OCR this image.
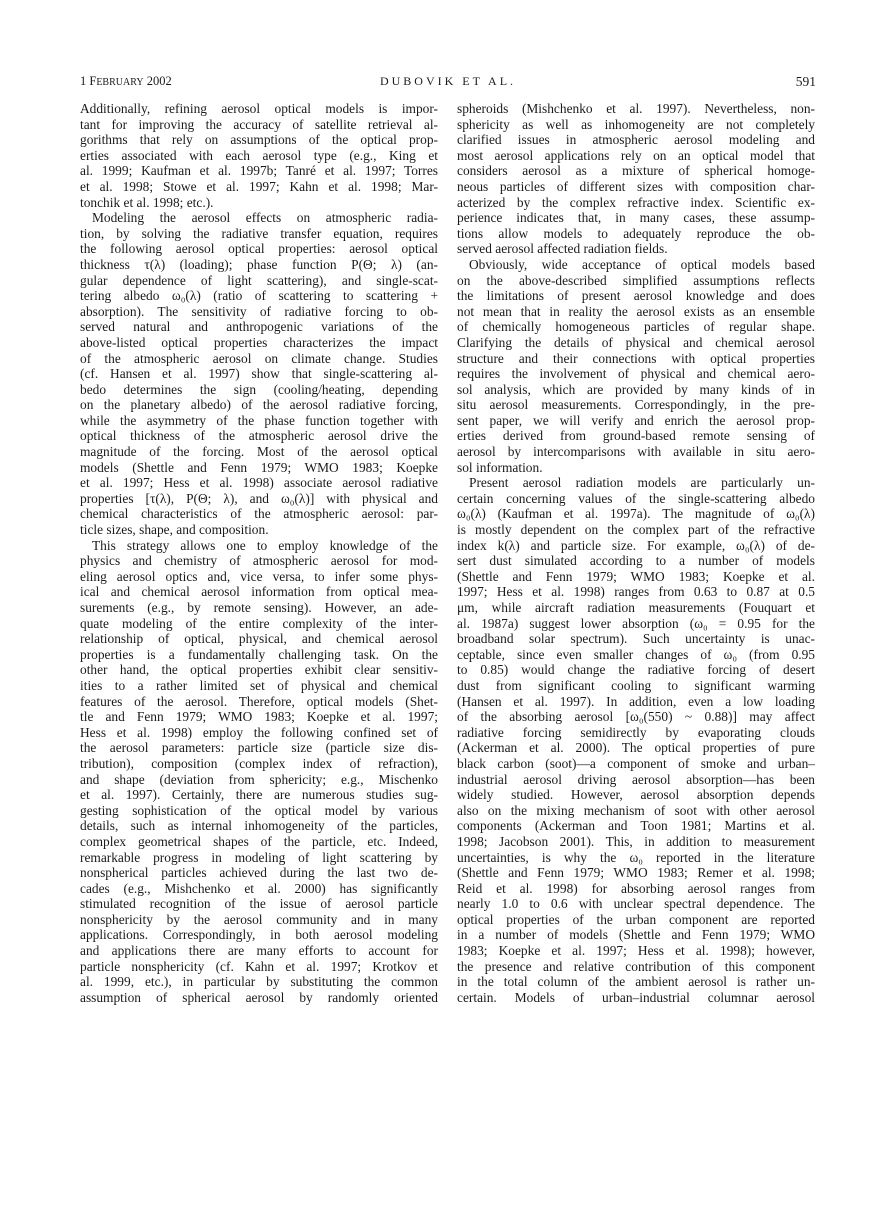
1 FEBRUARY 2002	DUBOVIK ET AL.	591
Additionally, refining aerosol optical models is impor-
tant for improving the accuracy of satellite retrieval al-
gorithms that rely on assumptions of the optical prop-
erties associated with each aerosol type (e.g., King et
al. 1999; Kaufman et al. 1997b; Tanré et al. 1997; Torres
et al. 1998; Stowe et al. 1997; Kahn et al. 1998; Mar-
tonchik et al. 1998; etc.).
Modeling the aerosol effects on atmospheric radia-
tion, by solving the radiative transfer equation, requires
the following aerosol optical properties: aerosol optical
thickness τ(λ) (loading); phase function P(Θ; λ) (an-
gular dependence of light scattering), and single-scat-
tering albedo ω₀(λ) (ratio of scattering to scattering +
absorption). The sensitivity of radiative forcing to ob-
served natural and anthropogenic variations of the
above-listed optical properties characterizes the impact
of the atmospheric aerosol on climate change. Studies
(cf. Hansen et al. 1997) show that single-scattering al-
bedo determines the sign (cooling/heating, depending
on the planetary albedo) of the aerosol radiative forcing,
while the asymmetry of the phase function together with
optical thickness of the atmospheric aerosol drive the
magnitude of the forcing. Most of the aerosol optical
models (Shettle and Fenn 1979; WMO 1983; Koepke
et al. 1997; Hess et al. 1998) associate aerosol radiative
properties [τ(λ), P(Θ; λ), and ω₀(λ)] with physical and
chemical characteristics of the atmospheric aerosol: par-
ticle sizes, shape, and composition.
This strategy allows one to employ knowledge of the
physics and chemistry of atmospheric aerosol for mod-
eling aerosol optics and, vice versa, to infer some phys-
ical and chemical aerosol information from optical mea-
surements (e.g., by remote sensing). However, an ade-
quate modeling of the entire complexity of the inter-
relationship of optical, physical, and chemical aerosol
properties is a fundamentally challenging task. On the
other hand, the optical properties exhibit clear sensitiv-
ities to a rather limited set of physical and chemical
features of the aerosol. Therefore, optical models (Shet-
tle and Fenn 1979; WMO 1983; Koepke et al. 1997;
Hess et al. 1998) employ the following confined set of
the aerosol parameters: particle size (particle size dis-
tribution), composition (complex index of refraction),
and shape (deviation from sphericity; e.g., Mischenko
et al. 1997). Certainly, there are numerous studies sug-
gesting sophistication of the optical model by various
details, such as internal inhomogeneity of the particles,
complex geometrical shapes of the particle, etc. Indeed,
remarkable progress in modeling of light scattering by
nonspherical particles achieved during the last two de-
cades (e.g., Mishchenko et al. 2000) has significantly
stimulated recognition of the issue of aerosol particle
nonsphericity by the aerosol community and in many
applications. Correspondingly, in both aerosol modeling
and applications there are many efforts to account for
particle nonsphericity (cf. Kahn et al. 1997; Krotkov et
al. 1999, etc.), in particular by substituting the common
assumption of spherical aerosol by randomly oriented
spheroids (Mishchenko et al. 1997). Nevertheless, non-
sphericity as well as inhomogeneity are not completely
clarified issues in atmospheric aerosol modeling and
most aerosol applications rely on an optical model that
considers aerosol as a mixture of spherical homoge-
neous particles of different sizes with composition char-
acterized by the complex refractive index. Scientific ex-
perience indicates that, in many cases, these assump-
tions allow models to adequately reproduce the ob-
served aerosol affected radiation fields.
Obviously, wide acceptance of optical models based
on the above-described simplified assumptions reflects
the limitations of present aerosol knowledge and does
not mean that in reality the aerosol exists as an ensemble
of chemically homogeneous particles of regular shape.
Clarifying the details of physical and chemical aerosol
structure and their connections with optical properties
requires the involvement of physical and chemical aero-
sol analysis, which are provided by many kinds of in
situ aerosol measurements. Correspondingly, in the pre-
sent paper, we will verify and enrich the aerosol prop-
erties derived from ground-based remote sensing of
aerosol by intercomparisons with available in situ aero-
sol information.
Present aerosol radiation models are particularly un-
certain concerning values of the single-scattering albedo
ω₀(λ) (Kaufman et al. 1997a). The magnitude of ω₀(λ)
is mostly dependent on the complex part of the refractive
index k(λ) and particle size. For example, ω₀(λ) of de-
sert dust simulated according to a number of models
(Shettle and Fenn 1979; WMO 1983; Koepke et al.
1997; Hess et al. 1998) ranges from 0.63 to 0.87 at 0.5
μm, while aircraft radiation measurements (Fouquart et
al. 1987a) suggest lower absorption (ω₀ = 0.95 for the
broadband solar spectrum). Such uncertainty is unac-
ceptable, since even smaller changes of ω₀ (from 0.95
to 0.85) would change the radiative forcing of desert
dust from significant cooling to significant warming
(Hansen et al. 1997). In addition, even a low loading
of the absorbing aerosol [ω₀(550) ~ 0.88)] may affect
radiative forcing semidirectly by evaporating clouds
(Ackerman et al. 2000). The optical properties of pure
black carbon (soot)—a component of smoke and urban–
industrial aerosol driving aerosol absorption—has been
widely studied. However, aerosol absorption depends
also on the mixing mechanism of soot with other aerosol
components (Ackerman and Toon 1981; Martins et al.
1998; Jacobson 2001). This, in addition to measurement
uncertainties, is why the ω₀ reported in the literature
(Shettle and Fenn 1979; WMO 1983; Remer et al. 1998;
Reid et al. 1998) for absorbing aerosol ranges from
nearly 1.0 to 0.6 with unclear spectral dependence. The
optical properties of the urban component are reported
in a number of models (Shettle and Fenn 1979; WMO
1983; Koepke et al. 1997; Hess et al. 1998); however,
the presence and relative contribution of this component
in the total column of the ambient aerosol is rather un-
certain. Models of urban–industrial columnar aerosol
